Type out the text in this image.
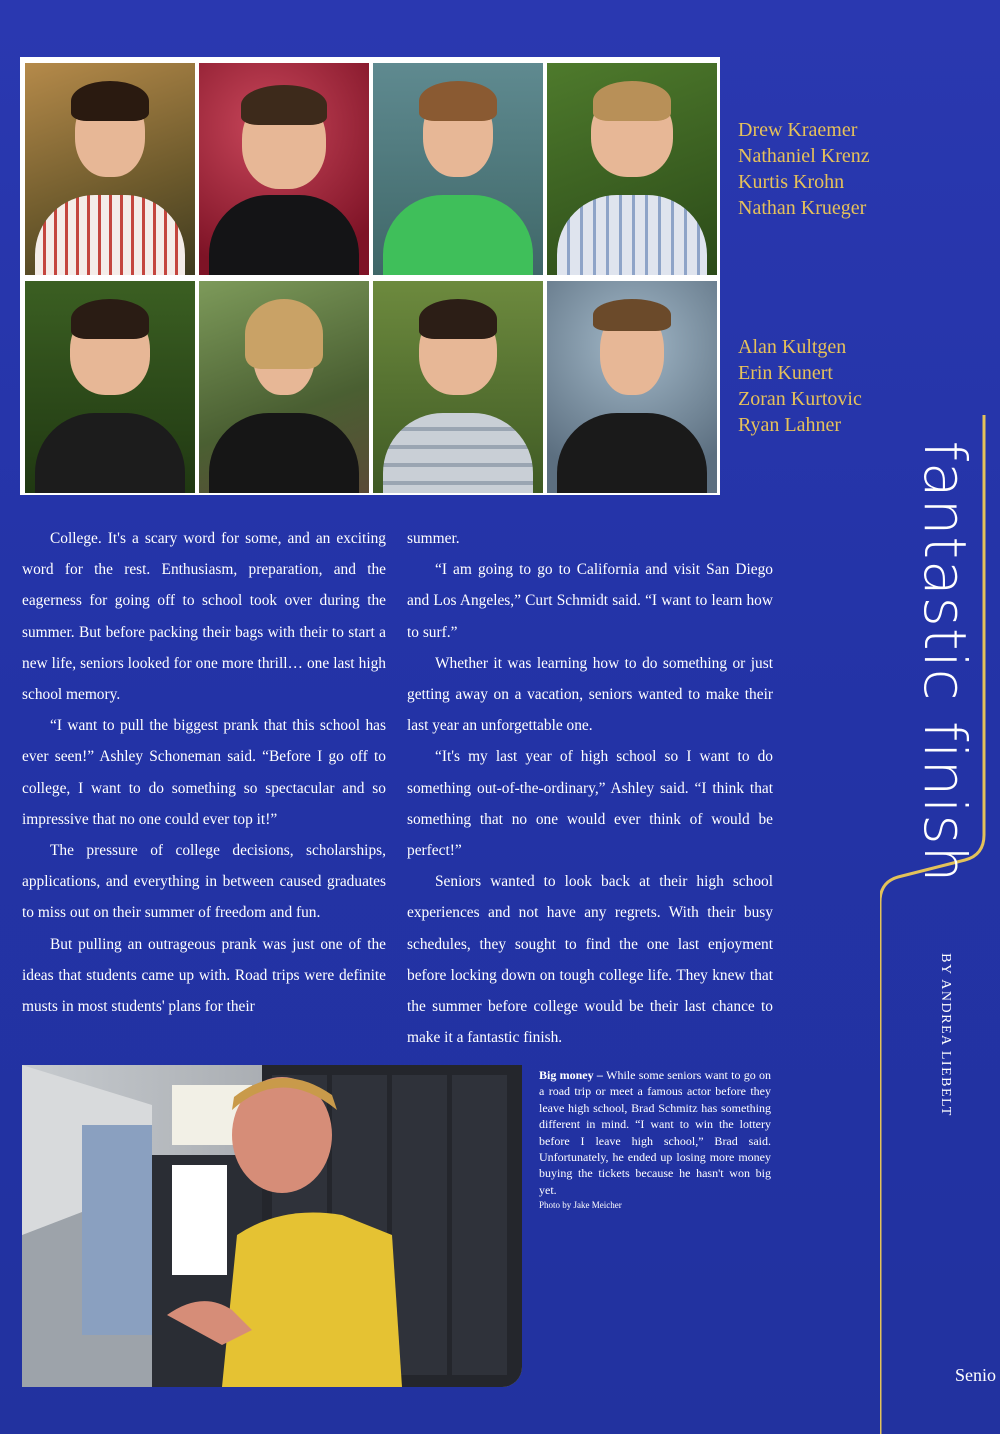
Drew Kraemer
Nathaniel Krenz
Kurtis Krohn
Nathan Krueger
Alan Kultgen
Erin Kunert
Zoran Kurtovic
Ryan Lahner
fantastic finish
BY ANDREA LIEBELT

College. It's a scary word for some, and an exciting word for the rest. Enthusiasm, preparation, and the eagerness for going off to school took over during the summer. But before packing their bags with their to start a new life, seniors looked for one more thrill… one last high school memory.

“I want to pull the biggest prank that this school has ever seen!” Ashley Schoneman said. “Before I go off to college, I want to do something so spectacular and so impressive that no one could ever top it!”

The pressure of college decisions, scholarships, applications, and everything in between caused graduates to miss out on their summer of freedom and fun.

But pulling an outrageous prank was just one of the ideas that students came up with. Road trips were definite musts in most students' plans for their

summer.

“I am going to go to California and visit San Diego and Los Angeles,” Curt Schmidt said. “I want to learn how to surf.”

Whether it was learning how to do something or just getting away on a vacation, seniors wanted to make their last year an unforgettable one.

“It's my last year of high school so I want to do something out-of-the-ordinary,” Ashley said. “I think that something that no one would ever think of would be perfect!”

Seniors wanted to look back at their high school experiences and not have any regrets. With their busy schedules, they sought to find the one last enjoyment before locking down on tough college life. They knew that the summer before college would be their last chance to make it a fantastic finish.

Big money – While some seniors want to go on a road trip or meet a famous actor before they leave high school, Brad Schmitz has something different in mind. “I want to win the lottery before I leave high school,” Brad said. Unfortunately, he ended up losing more money buying the tickets because he hasn't won big yet.
Photo by Jake Meicher
Senio
